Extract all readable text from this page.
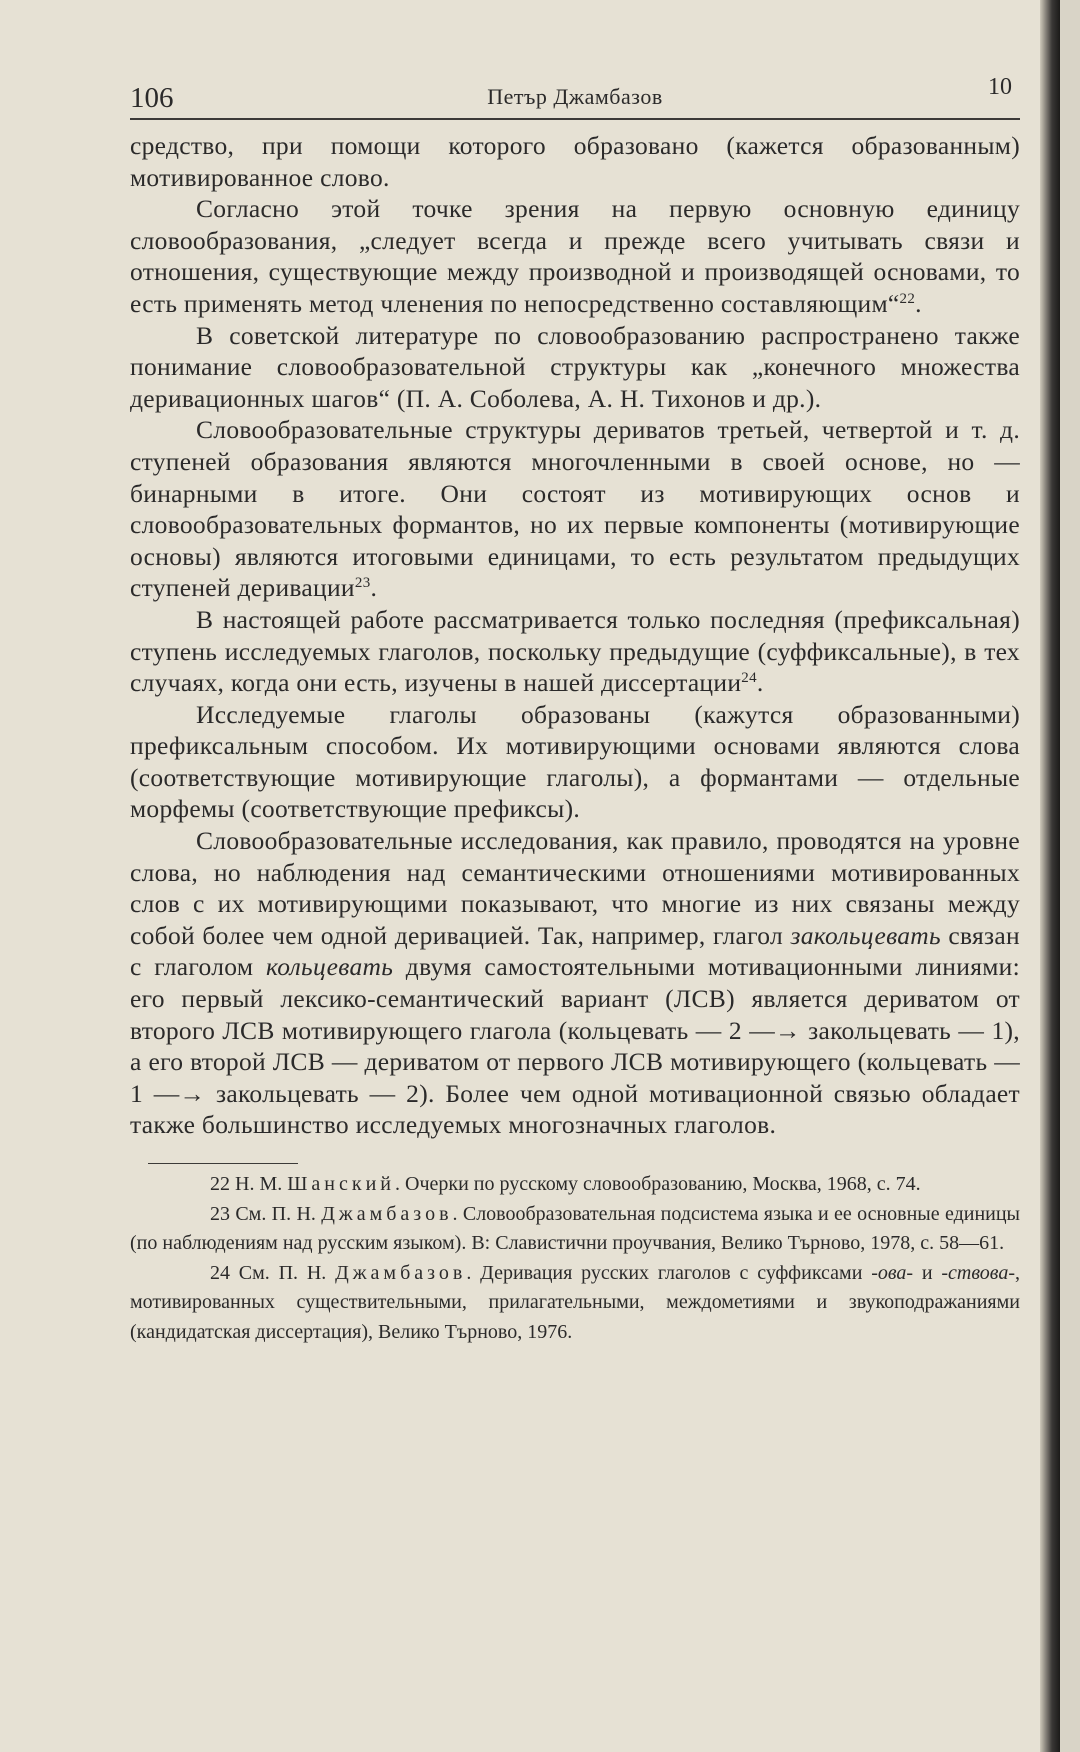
106	Петър Джамбазов	10

средство, при помощи которого образовано (кажется образованным) мотивированное слово.

Согласно этой точке зрения на первую основную единицу словообразования, „следует всегда и прежде всего учитывать связи и отношения, существующие между производной и производящей основами, то есть применять метод членения по непосредственно составляющим“$^{22}$.

В советской литературе по словообразованию распространено также понимание словообразовательной структуры как „конечного множества деривационных шагов“ (П. А. Соболева, А. Н. Тихонов и др.).

Словообразовательные структуры дериватов третьей, четвертой и т. д. ступеней образования являются многочленными в своей основе, но — бинарными в итоге. Они состоят из мотивирующих основ и словообразовательных формантов, но их первые компоненты (мотивирующие основы) являются итоговыми единицами, то есть результатом предыдущих ступеней деривации$^{23}$.

В настоящей работе рассматривается только последняя (префиксальная) ступень исследуемых глаголов, поскольку предыдущие (суффиксальные), в тех случаях, когда они есть, изучены в нашей диссертации$^{24}$.

Исследуемые глаголы образованы (кажутся образованными) префиксальным способом. Их мотивирующими основами являются слова (соответствующие мотивирующие глаголы), а формантами — отдельные морфемы (соответствующие префиксы).

Словообразовательные исследования, как правило, проводятся на уровне слова, но наблюдения над семантическими отношениями мотивированных слов с их мотивирующими показывают, что многие из них связаны между собой более чем одной деривацией. Так, например, глагол закольцевать связан с глаголом кольцевать двумя самостоятельными мотивационными линиями: его первый лексико-семантический вариант (ЛСВ) является дериватом от второго ЛСВ мотивирующего глагола (кольцевать — 2 —→ закольцевать — 1), а его второй ЛСВ — дериватом от первого ЛСВ мотивирующего (кольцевать — 1 —→ закольцевать — 2). Более чем одной мотивационной связью обладает также большинство исследуемых многозначных глаголов.

22 Н. М. Шанский. Очерки по русскому словообразованию, Москва, 1968, с. 74.

23 См. П. Н. Джамбазов. Словообразовательная подсистема языка и ее основные единицы (по наблюдениям над русским языком). В: Славистични проучвания, Велико Търново, 1978, с. 58—61.

24 См. П. Н. Джамбазов. Деривация русских глаголов с суффиксами -ова- и -ствова-, мотивированных существительными, прилагательными, междометиями и звукоподражаниями (кандидатская диссертация), Велико Търново, 1976.
